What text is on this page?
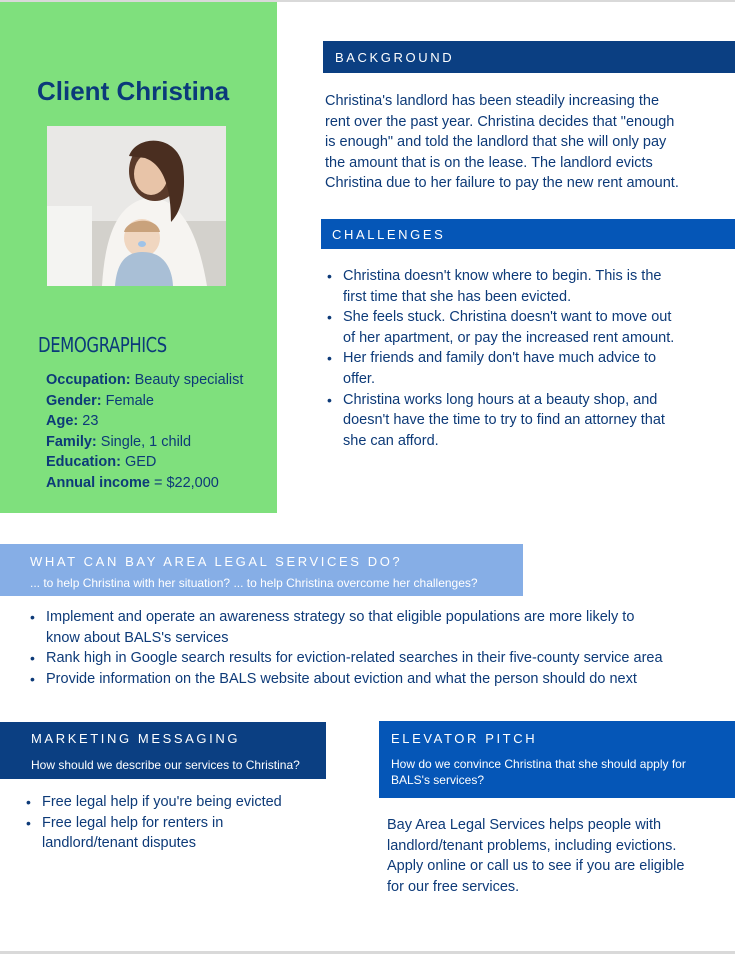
Client Christina
DEMOGRAPHICS
Occupation: Beauty specialist
Gender: Female
Age: 23
Family: Single, 1 child
Education: GED
Annual income = $22,000
BACKGROUND
Christina's landlord has been steadily increasing the
rent over the past year. Christina decides that "enough
is enough" and told the landlord that she will only pay
the amount that is on the lease. The landlord evicts
Christina due to her failure to pay the new rent amount.
CHALLENGES
• Christina doesn't know where to begin. This is the
first time that she has been evicted.
• She feels stuck. Christina doesn't want to move out
of her apartment, or pay the increased rent amount.
• Her friends and family don't have much advice to
offer.
• Christina works long hours at a beauty shop, and
doesn't have the time to try to find an attorney that
she can afford.
WHAT CAN BAY AREA LEGAL SERVICES DO?
... to help Christina with her situation? ... to help Christina overcome her challenges?
• Implement and operate an awareness strategy so that eligible populations are more likely to
know about BALS's services
• Rank high in Google search results for eviction-related searches in their five-county service area
• Provide information on the BALS website about eviction and what the person should do next
MARKETING MESSAGING
How should we describe our services to Christina?
• Free legal help if you're being evicted
• Free legal help for renters in
landlord/tenant disputes
ELEVATOR PITCH
How do we convince Christina that she should apply for
BALS's services?
Bay Area Legal Services helps people with
landlord/tenant problems, including evictions.
Apply online or call us to see if you are eligible
for our free services.
